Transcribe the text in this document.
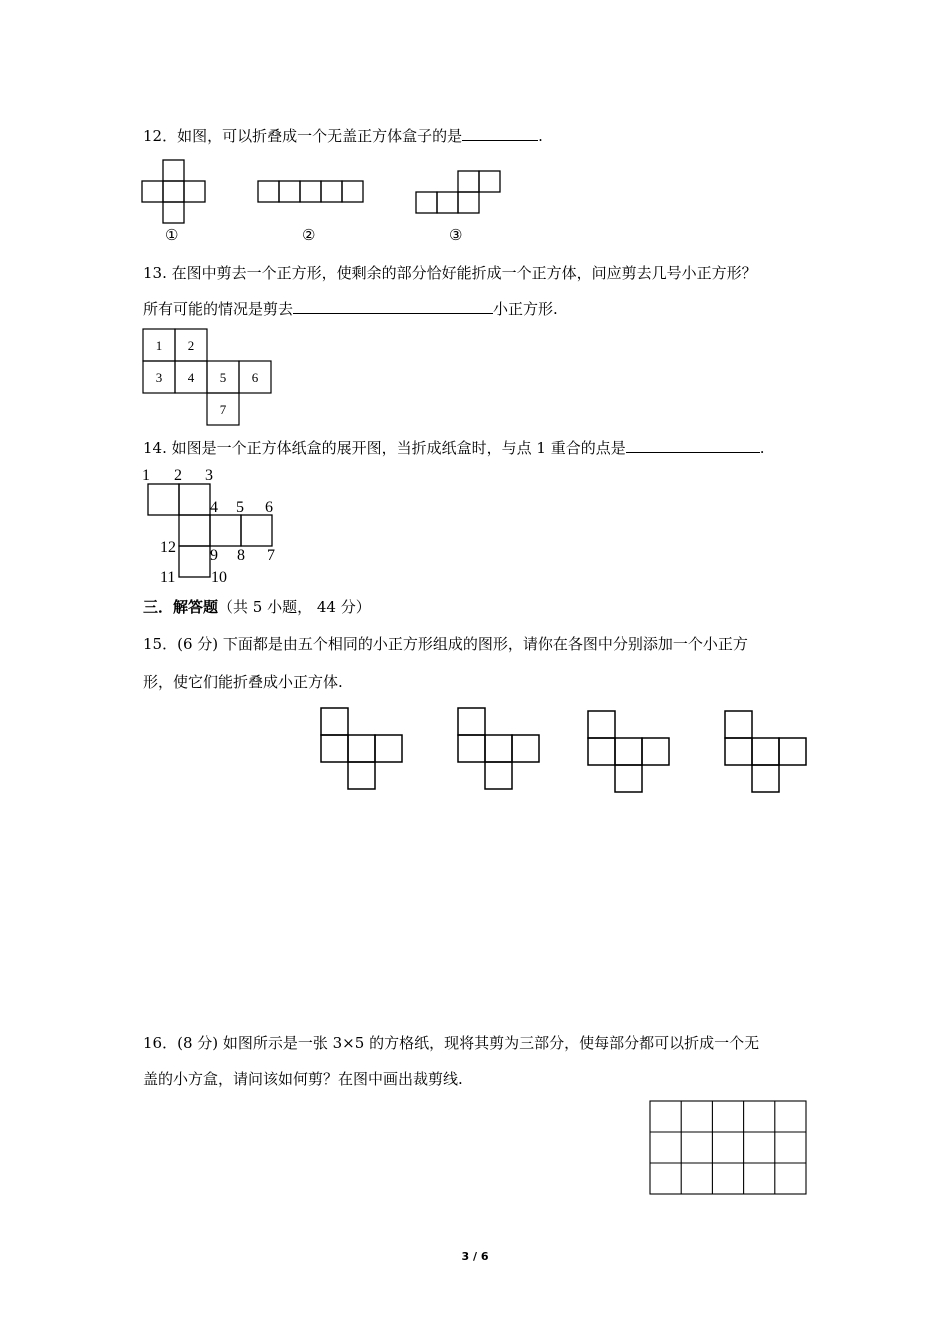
12．如图，可以折叠成一个无盖正方体盒子的是	.
①	②	③
13. 在图中剪去一个正方形，使剩余的部分恰好能折成一个正方体，问应剪去几号小正方形？
所有可能的情况是剪去	小正方形.
1 2
3 4 5 6
7
14. 如图是一个正方体纸盒的展开图，当折成纸盒时，与点 1 重合的点是	.
1 2 3
4 5 6
7
8
9
10
11
12
三．解答题（共 5 小题， 44 分）
15．(6 分) 下面都是由五个相同的小正方形组成的图形，请你在各图中分别添加一个小正方
形，使它们能折叠成小正方体.
16．(8 分) 如图所示是一张 3×5 的方格纸，现将其剪为三部分，使每部分都可以折成一个无
盖的小方盒，请问该如何剪？在图中画出裁剪线.
3 / 6
